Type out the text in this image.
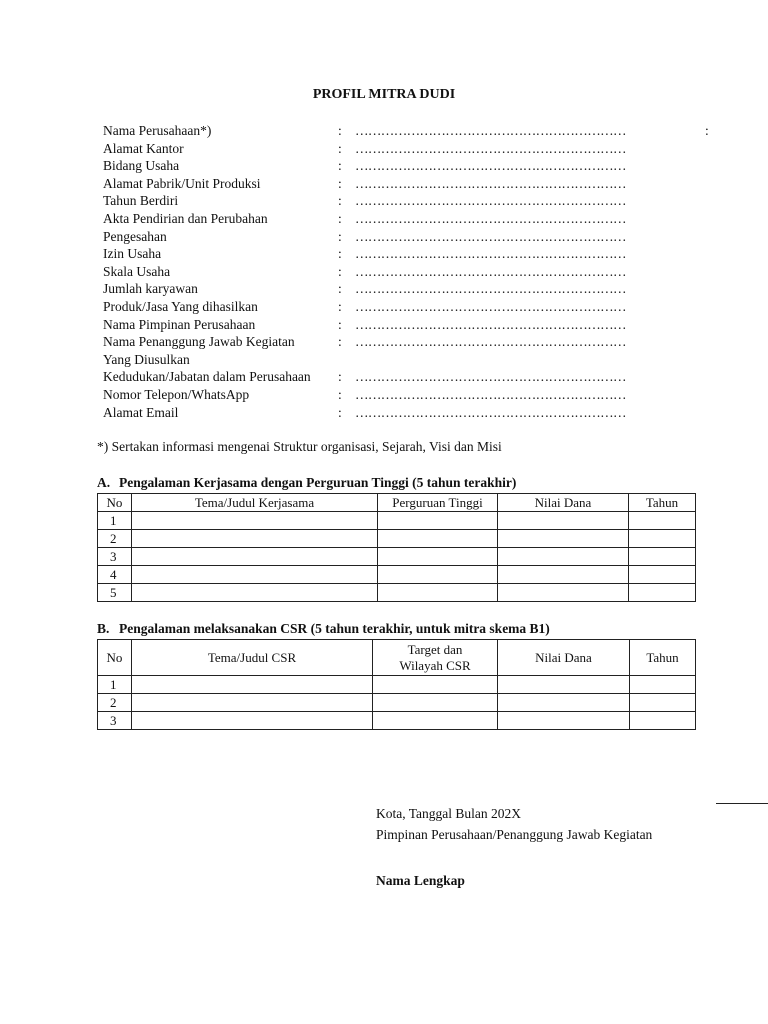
PROFIL MITRA DUDI
Nama Perusahaan*)	: ………………………………………………………	:
Alamat Kantor	: ………………………………………………………
Bidang Usaha	: ………………………………………………………
Alamat Pabrik/Unit Produksi	: ………………………………………………………
Tahun Berdiri	: ………………………………………………………
Akta Pendirian dan Perubahan	: ………………………………………………………
Pengesahan	: ………………………………………………………
Izin Usaha	: ………………………………………………………
Skala Usaha	: ………………………………………………………
Jumlah karyawan	: ………………………………………………………
Produk/Jasa Yang dihasilkan	: ………………………………………………………
Nama Pimpinan Perusahaan	: ………………………………………………………
Nama Penanggung Jawab Kegiatan	: ………………………………………………………
Yang Diusulkan
Kedudukan/Jabatan dalam Perusahaan : ………………………………………………………
Nomor Telepon/WhatsApp	: ………………………………………………………
Alamat Email	: ………………………………………………………
*) Sertakan informasi mengenai Struktur organisasi, Sejarah, Visi dan Misi
A. Pengalaman Kerjasama dengan Perguruan Tinggi (5 tahun terakhir)
No	Tema/Judul Kerjasama	Perguruan Tinggi	Nilai Dana	Tahun
1				
2				
3				
4				
5				
B. Pengalaman melaksanakan CSR (5 tahun terakhir, untuk mitra skema B1)
No	Tema/Judul CSR	Target dan
Wilayah CSR	Nilai Dana	Tahun
1				
2				
3				
Kota, Tanggal Bulan 202X
Pimpinan Perusahaan/Penanggung Jawab Kegiatan
Nama Lengkap
